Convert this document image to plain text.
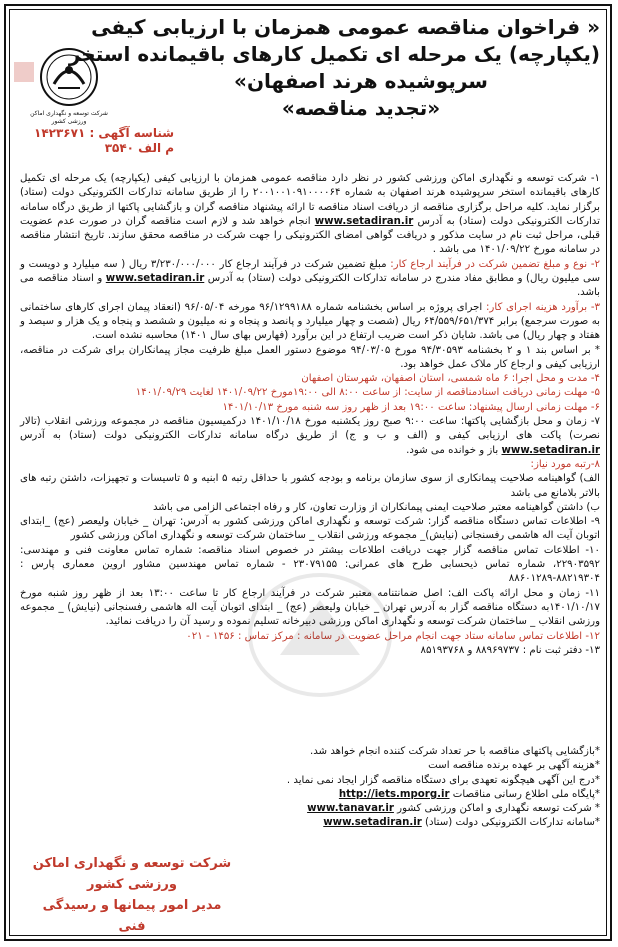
شرکت توسعه و نگهداری اماکن ورزشی کشور
« فراخوان مناقصه عمومی همزمان با ارزیابی کیفی
(یکپارچه) یک مرحله ای تکمیل کارهای باقیمانده استخر
سرپوشیده هرند اصفهان»
«تجدید مناقصه»
شناسه آگهی : ۱۴۲۳۶۷۱
م الف ۳۵۴۰

۱- شرکت توسعه و نگهداری اماکن ورزشی کشور در نظر دارد مناقصه عمومی همزمان با ارزیابی کیفی (یکپارچه) یک مرحله ای تکمیل کارهای باقیمانده استخر سرپوشیده هرند اصفهان به شماره ۲۰۰۱۰۰۱۰۹۱۰۰۰۰۶۴ را از طریق سامانه تدارکات الکترونیکی دولت (ستاد) برگزار نماید. کلیه مراحل برگزاری مناقصه از دریافت اسناد مناقصه تا ارائه پیشنهاد مناقصه گران و بازگشایی پاکتها از طریق درگاه سامانه تدارکات الکترونیکی دولت (ستاد) به آدرس www.setadiran.ir انجام خواهد شد و لازم است مناقصه گران در صورت عدم عضویت قبلی، مراحل ثبت نام در سایت مذکور و دریافت گواهی امضای الکترونیکی را جهت شرکت در مناقصه محقق سازند. تاریخ انتشار مناقصه در سامانه مورخ ۱۴۰۱/۰۹/۲۲ می باشد .

۲- نوع و مبلغ تضمین شرکت در فرآیند ارجاع کار: مبلغ تضمین شرکت در فرآیند ارجاع کار ۳/۲۳۰/۰۰۰/۰۰۰ ریال ( سه میلیارد و دویست و سی میلیون ریال) و مطابق مفاد مندرج در سامانه تدارکات الکترونیکی دولت (ستاد) به آدرس www.setadiran.ir و اسناد مناقصه می باشد.

۳- برآورد هزینه اجرای کار: اجرای پروژه بر اساس بخشنامه شماره ۹۶/۱۲۹۹۱۸۸ مورخه ۹۶/۰۵/۰۴ (انعقاد پیمان اجرای کارهای ساختمانی به صورت سرجمع) برابر ۶۴/۵۵۹/۶۵۱/۳۷۴ ریال (شصت و چهار میلیارد و پانصد و پنجاه و نه میلیون و ششصد و پنجاه و یک هزار و سیصد و هفتاد و چهار ریال) می باشد. شایان ذکر است ضریب ارتفاع در این برآورد (فهارس بهای سال ۱۴۰۱) محاسبه نشده است.

* بر اساس بند ۱ و ۲ بخشنامه ۹۴/۳۰۵۹۳ مورخ ۹۴/۰۳/۰۵ موضوع دستور العمل مبلغ ظرفیت مجاز پیمانکاران برای شرکت در مناقصه، ارزیابی کیفی و ارجاع کار ملاک عمل خواهد بود.

۴- مدت و محل اجرا: ۶ ماه شمسی، استان اصفهان، شهرستان اصفهان

۵- مهلت زمانی دریافت اسنادمناقصه از سایت: از ساعت ۸:۰۰ الی ۱۹:۰۰مورخ ۱۴۰۱/۰۹/۲۲ لغایت ۱۴۰۱/۰۹/۲۹

۶- مهلت زمانی ارسال پیشنهاد: ساعت ۱۹:۰۰ بعد از ظهر روز سه شنبه مورخ ۱۴۰۱/۱۰/۱۳

۷- زمان و محل بازگشایی پاکتها: ساعت ۹:۰۰ صبح روز یکشنبه مورخ ۱۴۰۱/۱۰/۱۸ درکمیسیون مناقصه در مجموعه ورزشی انقلاب (تالار نصرت) پاکت های ارزیابی کیفی و (الف و ب و ج) از طریق درگاه سامانه تدارکات الکترونیکی دولت (ستاد) به آدرس www.setadiran.ir باز و خوانده می شود.

۸-رتبه مورد نیاز:

الف) گواهینامه صلاحیت پیمانکاری از سوی سازمان برنامه و بودجه کشور با حداقل رتبه ۵ ابنیه و ۵ تاسیسات و تجهیزات، داشتن رتبه های بالاتر بلامانع می باشد

ب) داشتن گواهینامه معتبر صلاحیت ایمنی پیمانکاران از وزارت تعاون، کار و رفاه اجتماعی الزامی می باشد

۹- اطلاعات تماس دستگاه مناقصه گزار: شرکت توسعه و نگهداری اماکن ورزشی کشور به آدرس: تهران _ خیابان ولیعصر (عج) _ابتدای اتوبان آیت اله هاشمی رفسنجانی (نیایش)_ مجموعه ورزشی انقلاب _ ساختمان شرکت توسعه و نگهداری اماکن ورزشی کشور

۱۰- اطلاعات تماس مناقصه گزار جهت دریافت اطلاعات بیشتر در خصوص اسناد مناقصه: شماره تماس معاونت فنی و مهندسی: ۲۲۹۰۳۵۹۲، شماره تماس ذیحسابی طرح های عمرانی: ۲۳۰۷۹۱۵۵ - شماره تماس مهندسین مشاور اروین معماری پارس : ۸۸۲۱۹۳۰۴-۸۸۶۰۱۲۸۹

۱۱- زمان و محل ارائه پاکت الف: اصل ضمانتنامه معتبر شرکت در فرآیند ارجاع کار تا ساعت ۱۳:۰۰ بعد از ظهر روز شنبه مورخ ۱۴۰۱/۱۰/۱۷به دستگاه مناقصه گزار به آدرس تهران _ خیابان ولیعصر (عج) _ ابتدای اتوبان آیت اله هاشمی رفسنجانی (نیایش) _ مجموعه ورزشی انقلاب _ ساختمان شرکت توسعه و نگهداری اماکن ورزشی دبیرخانه تسلیم نموده و رسید آن را دریافت نمائید.

۱۲- اطلاعات تماس سامانه ستاد جهت انجام مراحل عضویت در سامانه : مرکز تماس : ۱۴۵۶ - ۰۲۱

۱۳- دفتر ثبت نام : ۸۸۹۶۹۷۳۷ و ۸۵۱۹۳۷۶۸

*بازگشایی پاکتهای مناقصه با حر تعداد شرکت کننده انجام خواهد شد.

*هزینه آگهی بر عهده برنده مناقصه است

*درج این آگهی هیچگونه تعهدی برای دستگاه مناقصه گزار ایجاد نمی نماید .

*پایگاه ملی اطلاع رسانی مناقصات http://iets.mporg.ir

* شرکت توسعه نگهداری و اماکن ورزشی کشور www.tanavar.ir

*سامانه تدارکات الکترونیکی دولت (ستاد) www.setadiran.ir

شرکت توسعه و نگهداری اماکن ورزشی کشور
مدیر امور پیمانها و رسیدگی فنی
